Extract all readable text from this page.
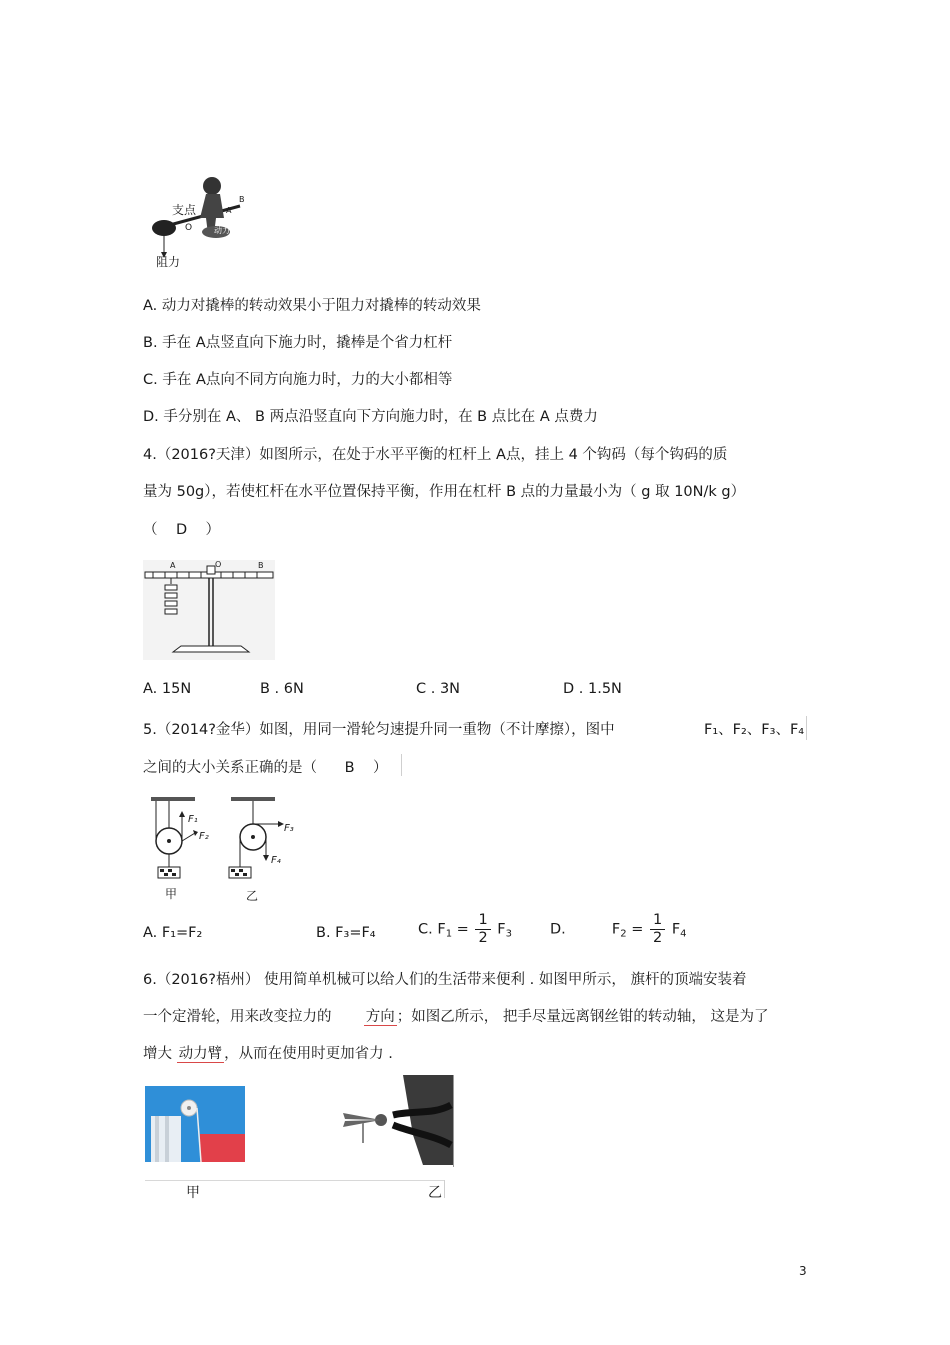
支点
阻力
O
A
B
动力
A. 动力对撬棒的转动效果小于阻力对撬棒的转动效果
B. 手在 A点竖直向下施力时，撬棒是个省力杠杆
C. 手在 A点向不同方向施力时，力的大小都相等
D. 手分别在 A、 B 两点沿竖直向下方向施力时，在 B 点比在 A 点费力
4.（2016?天津）如图所示，在处于水平平衡的杠杆上 A点，挂上 4 个钩码（每个钩码的质
量为 50g），若使杠杆在水平位置保持平衡，作用在杠杆 B 点的力量最小为（ g 取 10N/k g）
（ D ）
A	O	B
A. 15N	B . 6N	C . 3N	D . 1.5N
5.（2014?金华）如图，用同一滑轮匀速提升同一重物（不计摩擦），图中	F₁、F₂、F₃、F₄
之间的大小关系正确的是（ B ）
F₁
F₂
F₃
F₄
甲	乙
A. F₁=F₂	B. F₃=F₄	C. $F_1 = \frac{1}{2} F_3$	D.	$F_2 = \frac{1}{2} F_4$
6.（2016?梧州） 使用简单机械可以给人们的生活带来便利 . 如图甲所示， 旗杆的顶端安装着
一个定滑轮，用来改变拉力的 方向 ；如图乙所示， 把手尽量远离钢丝钳的转动轴， 这是为了
增大 动力臂 ，从而在使用时更加省力 .
甲	乙
3
